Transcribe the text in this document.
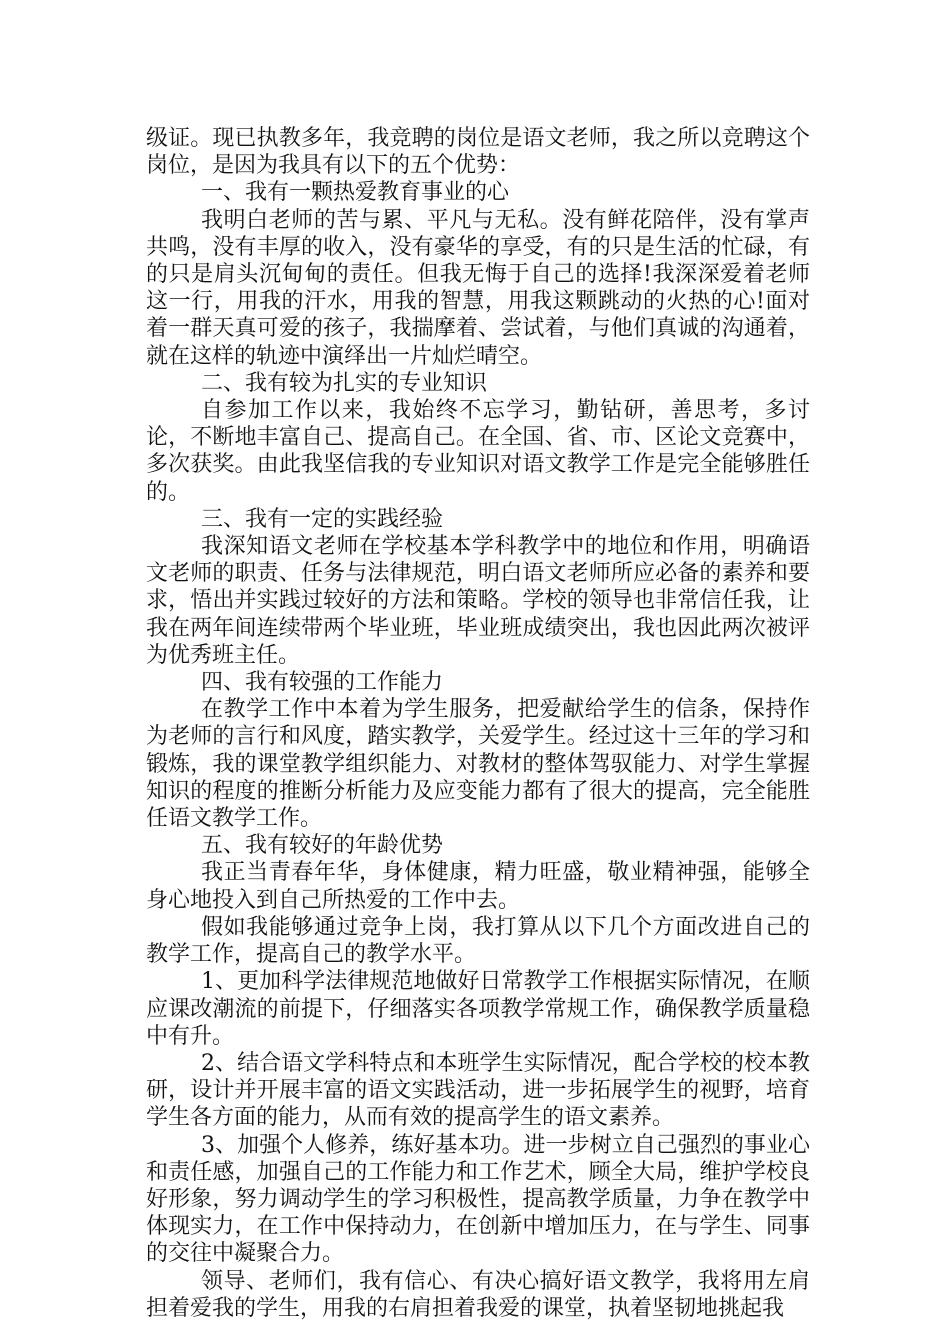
级证。现已执教多年，我竞聘的岗位是语文老师，我之所以竞聘这个岗位，是因为我具有以下的五个优势：

一、我有一颗热爱教育事业的心

我明白老师的苦与累、平凡与无私。没有鲜花陪伴，没有掌声共鸣，没有丰厚的收入，没有豪华的享受，有的只是生活的忙碌，有的只是肩头沉甸甸的责任。但我无悔于自己的选择!我深深爱着老师这一行，用我的汗水，用我的智慧，用我这颗跳动的火热的心!面对着一群天真可爱的孩子，我揣摩着、尝试着，与他们真诚的沟通着，就在这样的轨迹中演绎出一片灿烂晴空。

二、我有较为扎实的专业知识

自参加工作以来，我始终不忘学习，勤钻研，善思考，多讨论，不断地丰富自己、提高自己。在全国、省、市、区论文竞赛中，多次获奖。由此我坚信我的专业知识对语文教学工作是完全能够胜任的。

三、我有一定的实践经验

我深知语文老师在学校基本学科教学中的地位和作用，明确语文老师的职责、任务与法律规范，明白语文老师所应必备的素养和要求，悟出并实践过较好的方法和策略。学校的领导也非常信任我，让我在两年间连续带两个毕业班，毕业班成绩突出，我也因此两次被评为优秀班主任。

四、我有较强的工作能力

在教学工作中本着为学生服务，把爱献给学生的信条，保持作为老师的言行和风度，踏实教学，关爱学生。经过这十三年的学习和锻炼，我的课堂教学组织能力、对教材的整体驾驭能力、对学生掌握知识的程度的推断分析能力及应变能力都有了很大的提高，完全能胜任语文教学工作。

五、我有较好的年龄优势

我正当青春年华，身体健康，精力旺盛，敬业精神强，能够全身心地投入到自己所热爱的工作中去。

假如我能够通过竞争上岗，我打算从以下几个方面改进自己的教学工作，提高自己的教学水平。

1、更加科学法律规范地做好日常教学工作根据实际情况，在顺应课改潮流的前提下，仔细落实各项教学常规工作，确保教学质量稳中有升。

2、结合语文学科特点和本班学生实际情况，配合学校的校本教研，设计并开展丰富的语文实践活动，进一步拓展学生的视野，培育学生各方面的能力，从而有效的提高学生的语文素养。

3、加强个人修养，练好基本功。进一步树立自己强烈的事业心和责任感，加强自己的工作能力和工作艺术，顾全大局，维护学校良好形象，努力调动学生的学习积极性，提高教学质量，力争在教学中体现实力，在工作中保持动力，在创新中增加压力，在与学生、同事的交往中凝聚合力。

领导、老师们，我有信心、有决心搞好语文教学，我将用左肩担着爱我的学生，用我的右肩担着我爱的课堂，执着坚韧地挑起我
